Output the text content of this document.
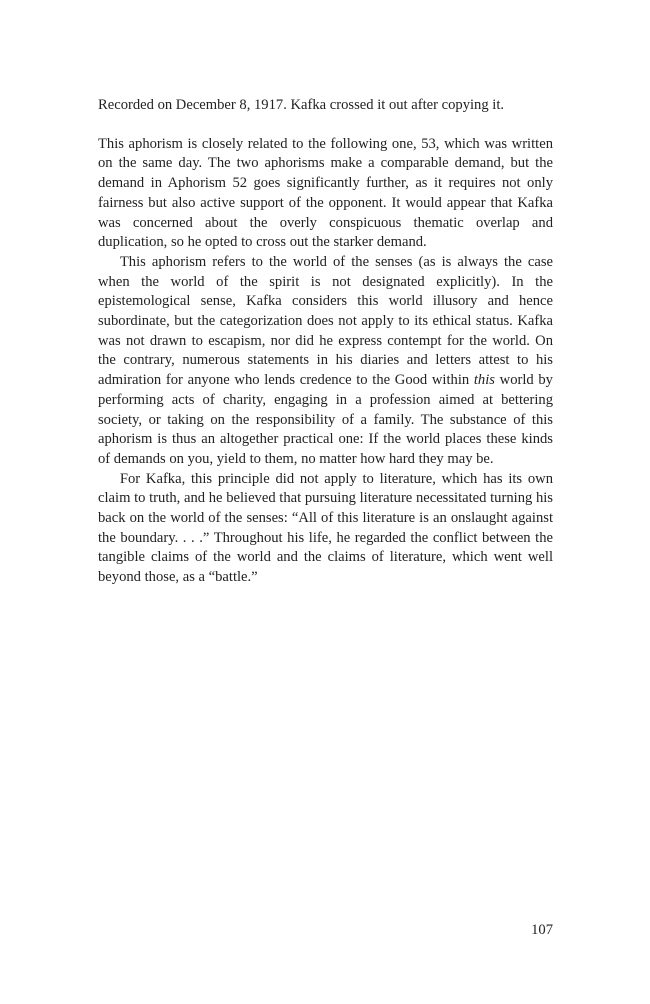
Recorded on December 8, 1917. Kafka crossed it out after copying it.

This aphorism is closely related to the following one, 53, which was written on the same day. The two aphorisms make a comparable demand, but the demand in Aphorism 52 goes significantly further, as it requires not only fairness but also active support of the opponent. It would appear that Kafka was concerned about the overly conspicuous thematic overlap and duplication, so he opted to cross out the starker demand.

This aphorism refers to the world of the senses (as is always the case when the world of the spirit is not designated explicitly). In the epistemological sense, Kafka considers this world illusory and hence subordinate, but the categorization does not apply to its ethical status. Kafka was not drawn to escapism, nor did he express contempt for the world. On the contrary, numerous statements in his diaries and letters attest to his admiration for anyone who lends credence to the Good within this world by performing acts of charity, engaging in a profession aimed at bettering society, or taking on the responsibility of a family. The substance of this aphorism is thus an altogether practical one: If the world places these kinds of demands on you, yield to them, no matter how hard they may be.

For Kafka, this principle did not apply to literature, which has its own claim to truth, and he believed that pursuing literature necessitated turning his back on the world of the senses: “All of this literature is an onslaught against the boundary. . . .” Throughout his life, he regarded the conflict between the tangible claims of the world and the claims of literature, which went well beyond those, as a “battle.”

107
